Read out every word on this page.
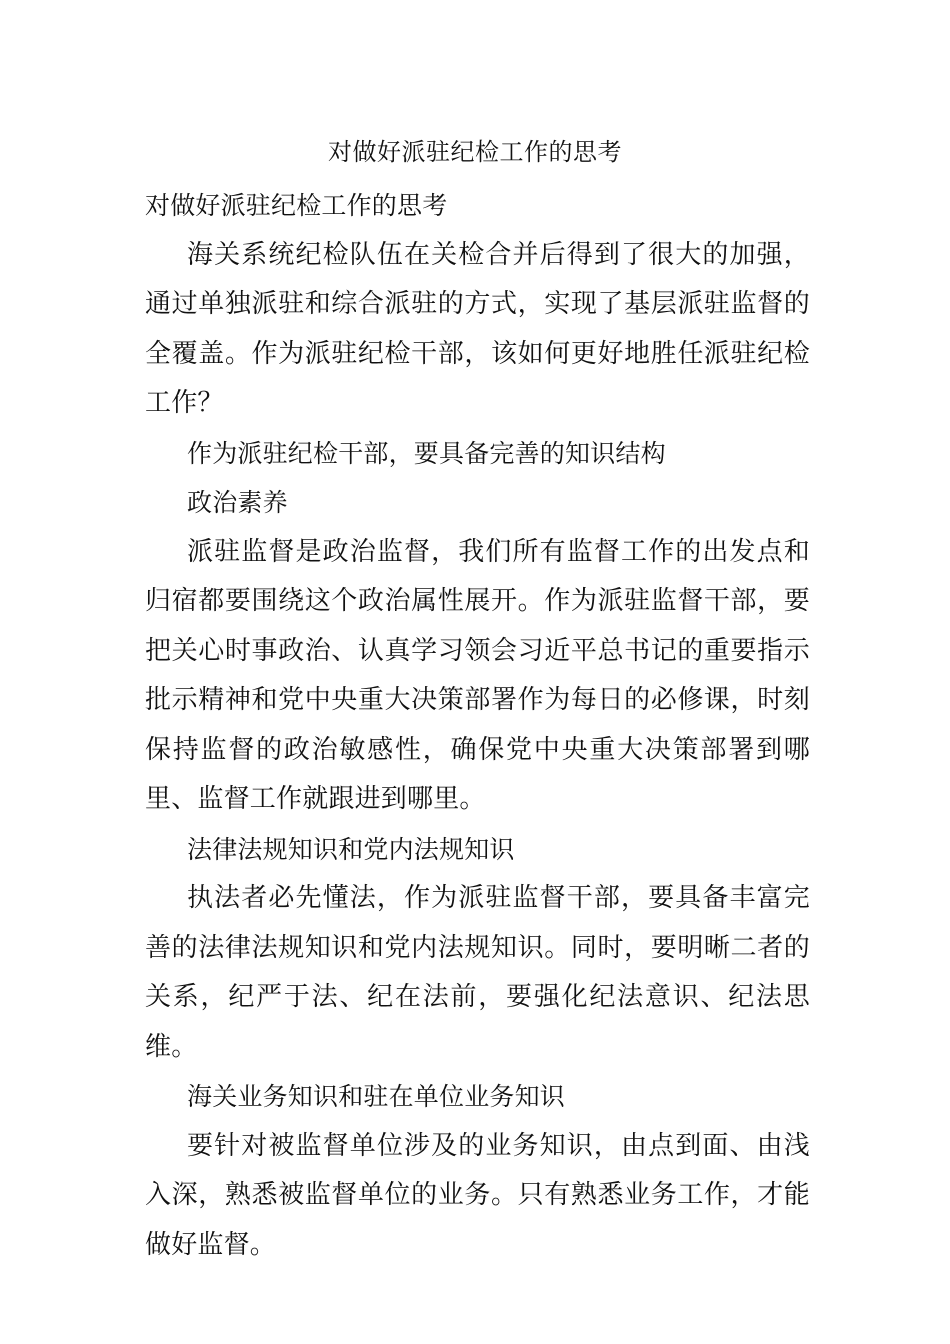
对做好派驻纪检工作的思考

对做好派驻纪检工作的思考

海关系统纪检队伍在关检合并后得到了很大的加强，通过单独派驻和综合派驻的方式，实现了基层派驻监督的全覆盖。作为派驻纪检干部，该如何更好地胜任派驻纪检工作？

作为派驻纪检干部，要具备完善的知识结构

政治素养

派驻监督是政治监督，我们所有监督工作的出发点和归宿都要围绕这个政治属性展开。作为派驻监督干部，要把关心时事政治、认真学习领会习近平总书记的重要指示批示精神和党中央重大决策部署作为每日的必修课，时刻保持监督的政治敏感性，确保党中央重大决策部署到哪里、监督工作就跟进到哪里。

法律法规知识和党内法规知识

执法者必先懂法，作为派驻监督干部，要具备丰富完善的法律法规知识和党内法规知识。同时，要明晰二者的关系，纪严于法、纪在法前，要强化纪法意识、纪法思维。

海关业务知识和驻在单位业务知识

要针对被监督单位涉及的业务知识，由点到面、由浅入深，熟悉被监督单位的业务。只有熟悉业务工作，才能做好监督。
